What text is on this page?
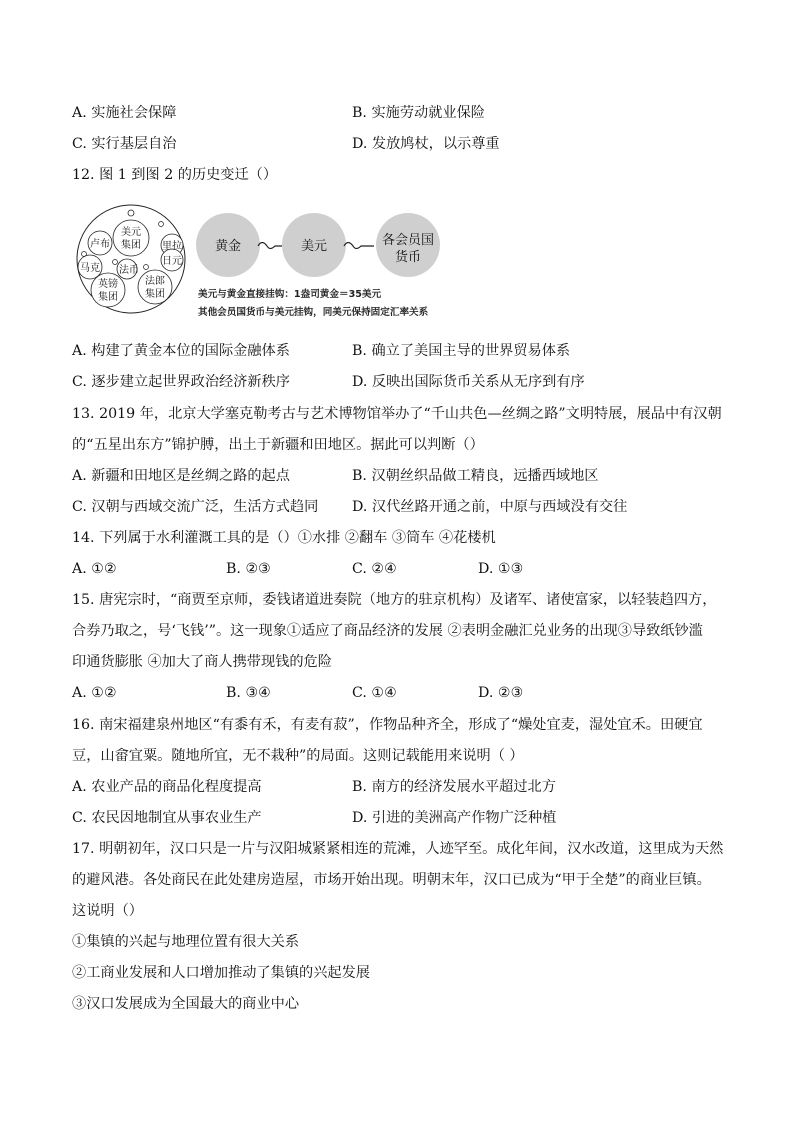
A. 实施社会保障	B. 实施劳动就业保险
C. 实行基层自治	D. 发放鸠杖，以示尊重
12. 图 1 到图 2 的历史变迁（）
美元
集团
卢布	里拉
日元
马克 法币
英镑
集团
法郎
集团
黄金	美元	各会员国
货币
美元与黄金直接挂钩：1盎司黄金＝35美元
其他会员国货币与美元挂钩，同美元保持固定汇率关系
A. 构建了黄金本位的国际金融体系	B. 确立了美国主导的世界贸易体系
C. 逐步建立起世界政治经济新秩序	D. 反映出国际货币关系从无序到有序
13. 2019 年，北京大学塞克勒考古与艺术博物馆举办了“千山共色—丝绸之路”文明特展，展品中有汉朝
的“五星出东方”锦护膊，出土于新疆和田地区。据此可以判断（）
A. 新疆和田地区是丝绸之路的起点	B. 汉朝丝织品做工精良，远播西域地区
C. 汉朝与西域交流广泛，生活方式趋同 D. 汉代丝路开通之前，中原与西域没有交往
14. 下列属于水利灌溉工具的是（）①水排 ②翻车 ③筒车 ④花楼机
A. ①②	B. ②③	C. ②④	D. ①③
15. 唐宪宗时，“商贾至京师，委钱诸道进奏院（地方的驻京机构）及诸军、诸使富家，以轻装趋四方，
合券乃取之，号‘飞钱’”。这一现象①适应了商品经济的发展 ②表明金融汇兑业务的出现③导致纸钞滥
印通货膨胀 ④加大了商人携带现钱的危险
A. ①②	B. ③④	C. ①④	D. ②③
16. 南宋福建泉州地区“有黍有禾，有麦有菽”，作物品种齐全，形成了“燥处宜麦，湿处宜禾。田硬宜
豆，山畲宜粟。随地所宜，无不栽种”的局面。这则记载能用来说明（ ）
A. 农业产品的商品化程度提高	B. 南方的经济发展水平超过北方
C. 农民因地制宜从事农业生产	D. 引进的美洲高产作物广泛种植
17. 明朝初年，汉口只是一片与汉阳城紧紧相连的荒滩，人迹罕至。成化年间，汉水改道，这里成为天然
的避风港。各处商民在此处建房造屋，市场开始出现。明朝末年，汉口已成为“甲于全楚”的商业巨镇。
这说明（）
①集镇的兴起与地理位置有很大关系
②工商业发展和人口增加推动了集镇的兴起发展
③汉口发展成为全国最大的商业中心
